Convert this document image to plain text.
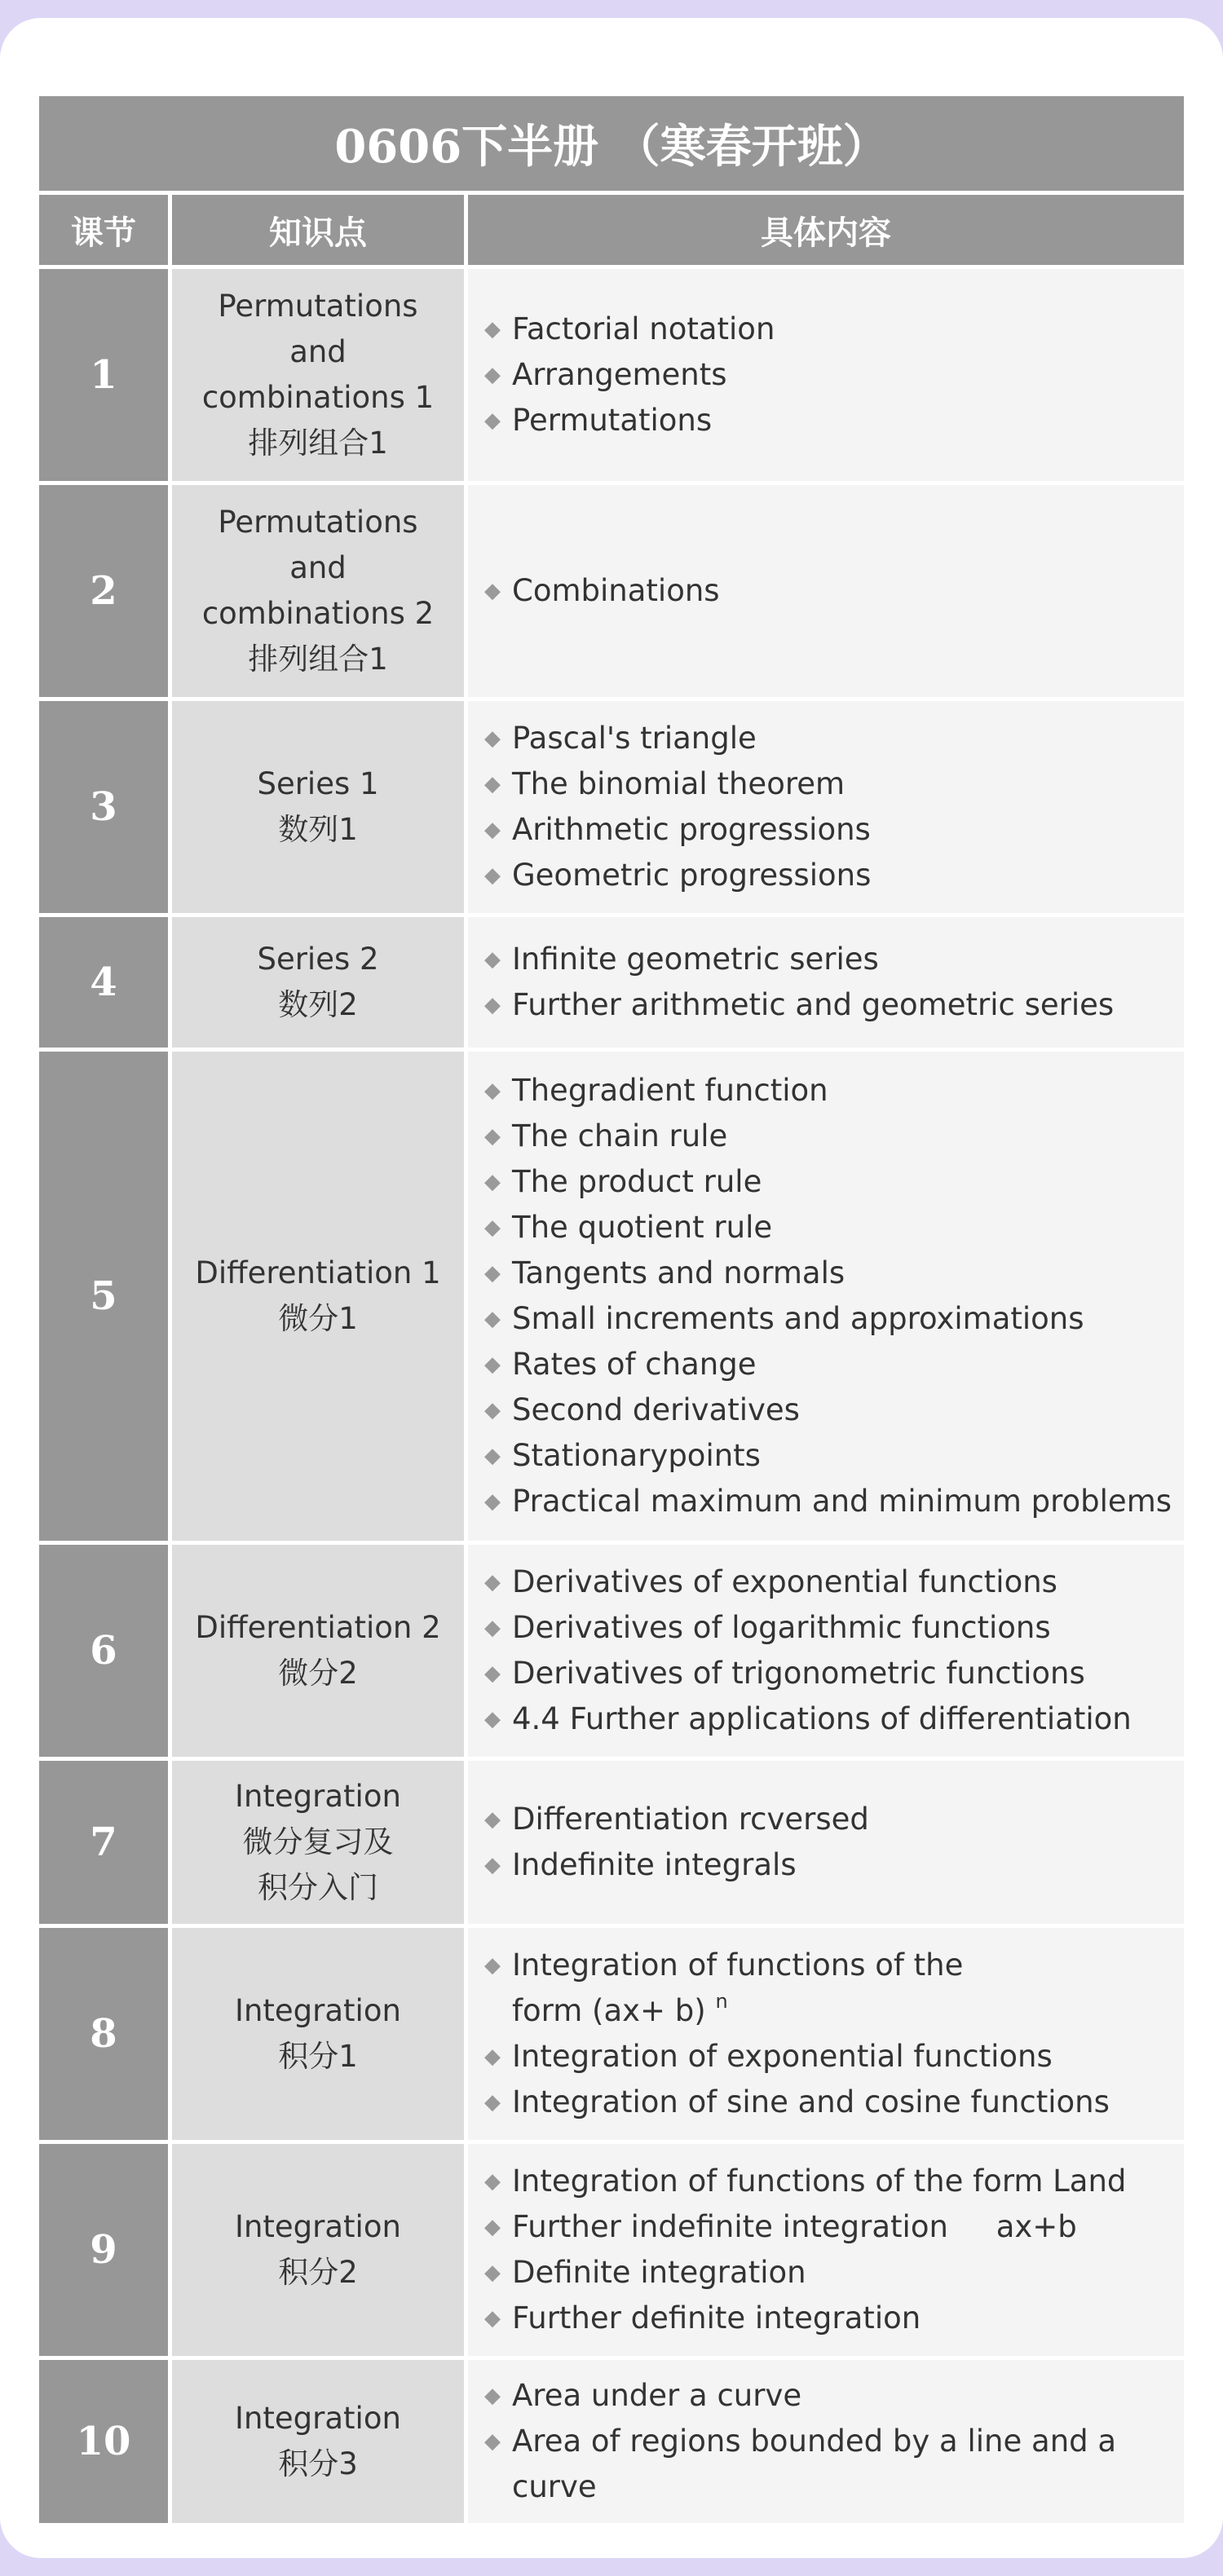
0606下半册 （寒春开班）
课节	知识点	具体内容
1
Permutations
and
combinations 1
排列组合1
◆ Factorial notation
◆ Arrangements
◆ Permutations
2
Permutations
and
combinations 2
排列组合1
◆ Combinations
3
Series 1
数列1
◆ Pascal's triangle
◆ The binomial theorem
◆ Arithmetic progressions
◆ Geometric progressions
4
Series 2
数列2
◆ Infinite geometric series
◆ Further arithmetic and geometric series
5
Differentiation 1
微分1
◆ Thegradient function
◆ The chain rule
◆ The product rule
◆ The quotient rule
◆ Tangents and normals
◆ Small increments and approximations
◆ Rates of change
◆ Second derivatives
◆ Stationarypoints
◆ Practical maximum and minimum problems
6
Differentiation 2
微分2
◆ Derivatives of exponential functions
◆ Derivatives of logarithmic functions
◆ Derivatives of trigonometric functions
◆ 4.4 Further applications of differentiation
7
Integration
微分复习及
积分入门
◆ Differentiation rcversed
◆ Indefinite integrals
8
Integration
积分1
◆ Integration of functions of the
form (ax+ b) $^n$
◆ Integration of exponential functions
◆ Integration of sine and cosine functions
9
Integration
积分2
◆ Integration of functions of the form Land
◆ Further indefinite integration     ax+b
◆ Definite integration
◆ Further definite integration
10
Integration
积分3
◆ Area under a curve
◆ Area of regions bounded by a line and a
curve
